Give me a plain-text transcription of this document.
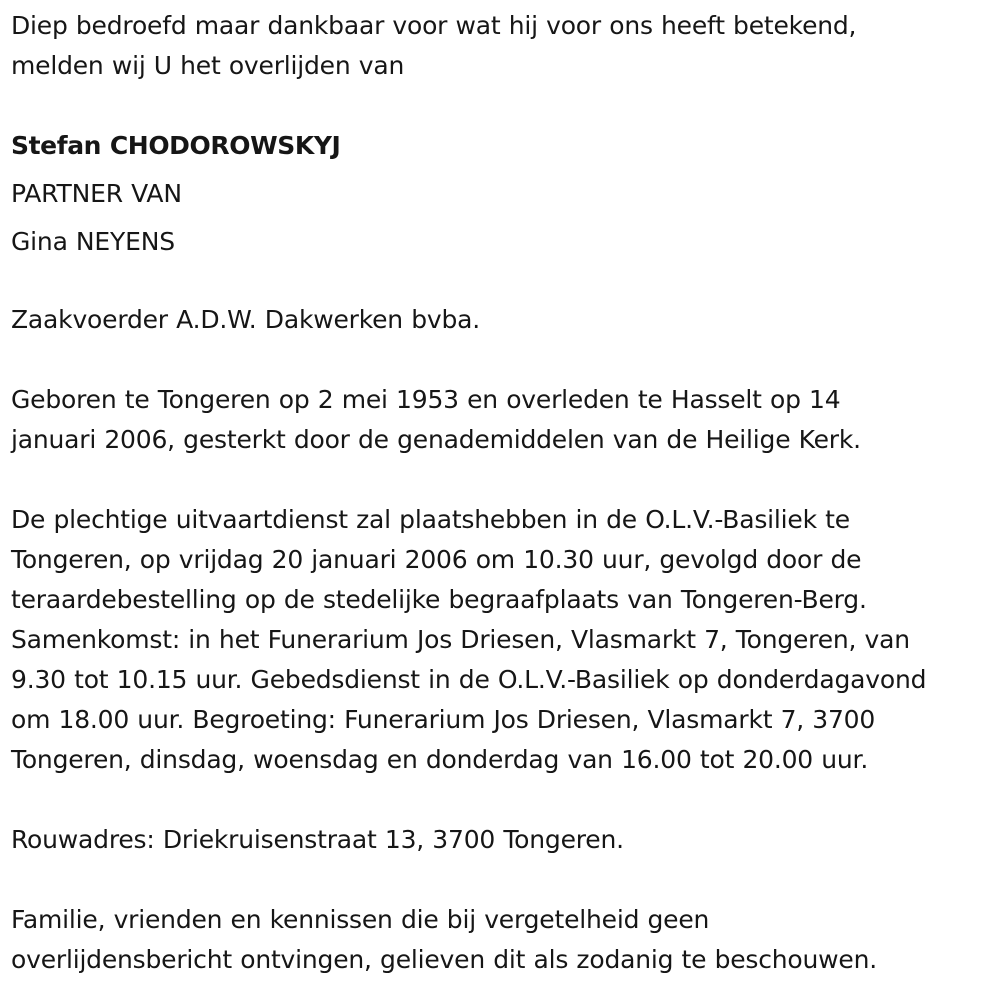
Diep bedroefd maar dankbaar voor wat hij voor ons heeft betekend,
melden wij U het overlijden van
Stefan CHODOROWSKYJ
PARTNER VAN
Gina NEYENS
Zaakvoerder A.D.W. Dakwerken bvba.
Geboren te Tongeren op 2 mei 1953 en overleden te Hasselt op 14
januari 2006, gesterkt door de genademiddelen van de Heilige Kerk.
De plechtige uitvaartdienst zal plaatshebben in de O.L.V.-Basiliek te
Tongeren, op vrijdag 20 januari 2006 om 10.30 uur, gevolgd door de
teraardebestelling op de stedelijke begraafplaats van Tongeren-Berg.
Samenkomst: in het Funerarium Jos Driesen, Vlasmarkt 7, Tongeren, van
9.30 tot 10.15 uur. Gebedsdienst in de O.L.V.-Basiliek op donderdagavond
om 18.00 uur. Begroeting: Funerarium Jos Driesen, Vlasmarkt 7, 3700
Tongeren, dinsdag, woensdag en donderdag van 16.00 tot 20.00 uur.
Rouwadres: Driekruisenstraat 13, 3700 Tongeren.
Familie, vrienden en kennissen die bij vergetelheid geen
overlijdensbericht ontvingen, gelieven dit als zodanig te beschouwen.
